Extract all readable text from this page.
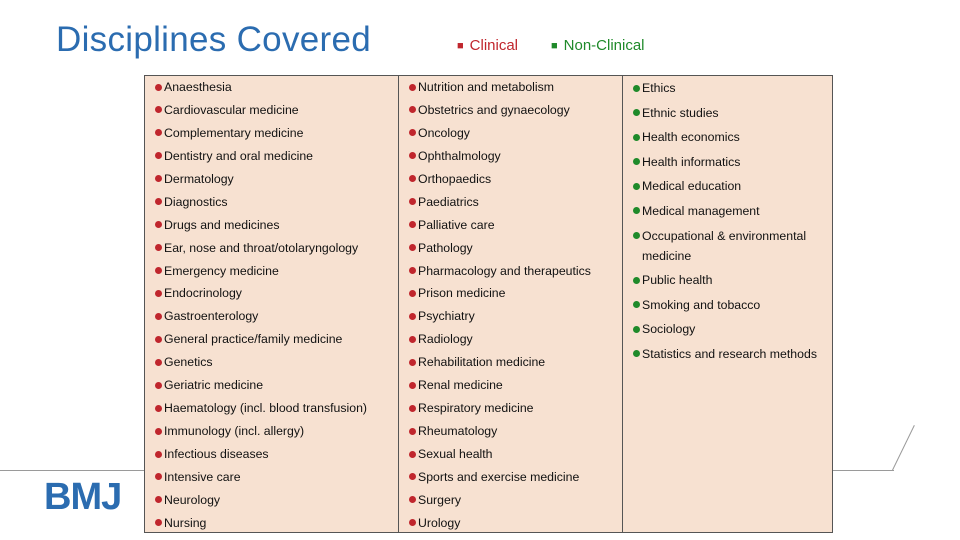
Disciplines Covered	■ Clinical	■ Non-Clinical
BMJ
Anaesthesia
Cardiovascular medicine
Complementary medicine
Dentistry and oral medicine
Dermatology
Diagnostics
Drugs and medicines
Ear, nose and throat/otolaryngology
Emergency medicine
Endocrinology
Gastroenterology
General practice/family medicine
Genetics
Geriatric medicine
Haematology (incl. blood transfusion)
Immunology (incl. allergy)
Infectious diseases
Intensive care
Neurology
Nursing
Nutrition and metabolism
Obstetrics and gynaecology
Oncology
Ophthalmology
Orthopaedics
Paediatrics
Palliative care
Pathology
Pharmacology and therapeutics
Prison medicine
Psychiatry
Radiology
Rehabilitation medicine
Renal medicine
Respiratory medicine
Rheumatology
Sexual health
Sports and exercise medicine
Surgery
Urology
Ethics
Ethnic studies
Health economics
Health informatics
Medical education
Medical management
Occupational & environmental medicine
Public health
Smoking and tobacco
Sociology
Statistics and research methods
